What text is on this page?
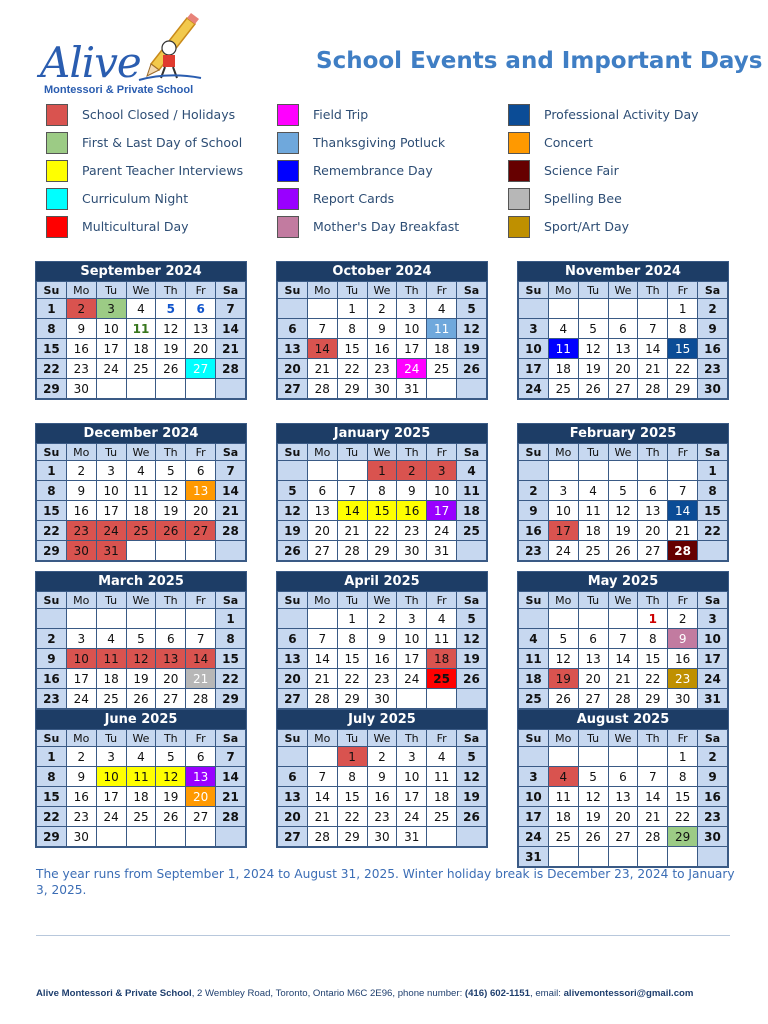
Alive
Montessori & Private School
School Events and Important Days
School Closed / Holidays
First & Last Day of School
Parent Teacher Interviews
Curriculum Night
Multicultural Day
Field Trip
Thanksgiving Potluck
Remembrance Day
Report Cards
Mother's Day Breakfast
Professional Activity Day
Concert
Science Fair
Spelling Bee
Sport/Art Day
September 2024
Su	Mo	Tu	We	Th	Fr	Sa
1	2	3	4	5	6	7
8	9	10	11	12	13	14
15	16	17	18	19	20	21
22	23	24	25	26	27	28
29	30					
October 2024
Su	Mo	Tu	We	Th	Fr	Sa
		1	2	3	4	5
6	7	8	9	10	11	12
13	14	15	16	17	18	19
20	21	22	23	24	25	26
27	28	29	30	31		
November 2024
Su	Mo	Tu	We	Th	Fr	Sa
					1	2
3	4	5	6	7	8	9
10	11	12	13	14	15	16
17	18	19	20	21	22	23
24	25	26	27	28	29	30
December 2024
Su	Mo	Tu	We	Th	Fr	Sa
1	2	3	4	5	6	7
8	9	10	11	12	13	14
15	16	17	18	19	20	21
22	23	24	25	26	27	28
29	30	31				
January 2025
Su	Mo	Tu	We	Th	Fr	Sa
			1	2	3	4
5	6	7	8	9	10	11
12	13	14	15	16	17	18
19	20	21	22	23	24	25
26	27	28	29	30	31	
February 2025
Su	Mo	Tu	We	Th	Fr	Sa
						1
2	3	4	5	6	7	8
9	10	11	12	13	14	15
16	17	18	19	20	21	22
23	24	25	26	27	28	
March 2025
Su	Mo	Tu	We	Th	Fr	Sa
						1
2	3	4	5	6	7	8
9	10	11	12	13	14	15
16	17	18	19	20	21	22
23	24	25	26	27	28	29

April 2025
Su	Mo	Tu	We	Th	Fr	Sa
		1	2	3	4	5
6	7	8	9	10	11	12
13	14	15	16	17	18	19
20	21	22	23	24	25	26
27	28	29	30			
May 2025
Su	Mo	Tu	We	Th	Fr	Sa
				1	2	3
4	5	6	7	8	9	10
11	12	13	14	15	16	17
18	19	20	21	22	23	24
25	26	27	28	29	30	31
June 2025
Su	Mo	Tu	We	Th	Fr	Sa
1	2	3	4	5	6	7
8	9	10	11	12	13	14
15	16	17	18	19	20	21
22	23	24	25	26	27	28
29	30					
July 2025
Su	Mo	Tu	We	Th	Fr	Sa
		1	2	3	4	5
6	7	8	9	10	11	12
13	14	15	16	17	18	19
20	21	22	23	24	25	26
27	28	29	30	31		
August 2025
Su	Mo	Tu	We	Th	Fr	Sa
					1	2
3	4	5	6	7	8	9
10	11	12	13	14	15	16
17	18	19	20	21	22	23
24	25	26	27	28	29	30
31						
The year runs from September 1, 2024 to August 31, 2025. Winter holiday break is December 23, 2024 to January 3, 2025.
Alive Montessori & Private School, 2 Wembley Road, Toronto, Ontario M6C 2E96, phone number: (416) 602-1151, email: alivemontessori@gmail.com
